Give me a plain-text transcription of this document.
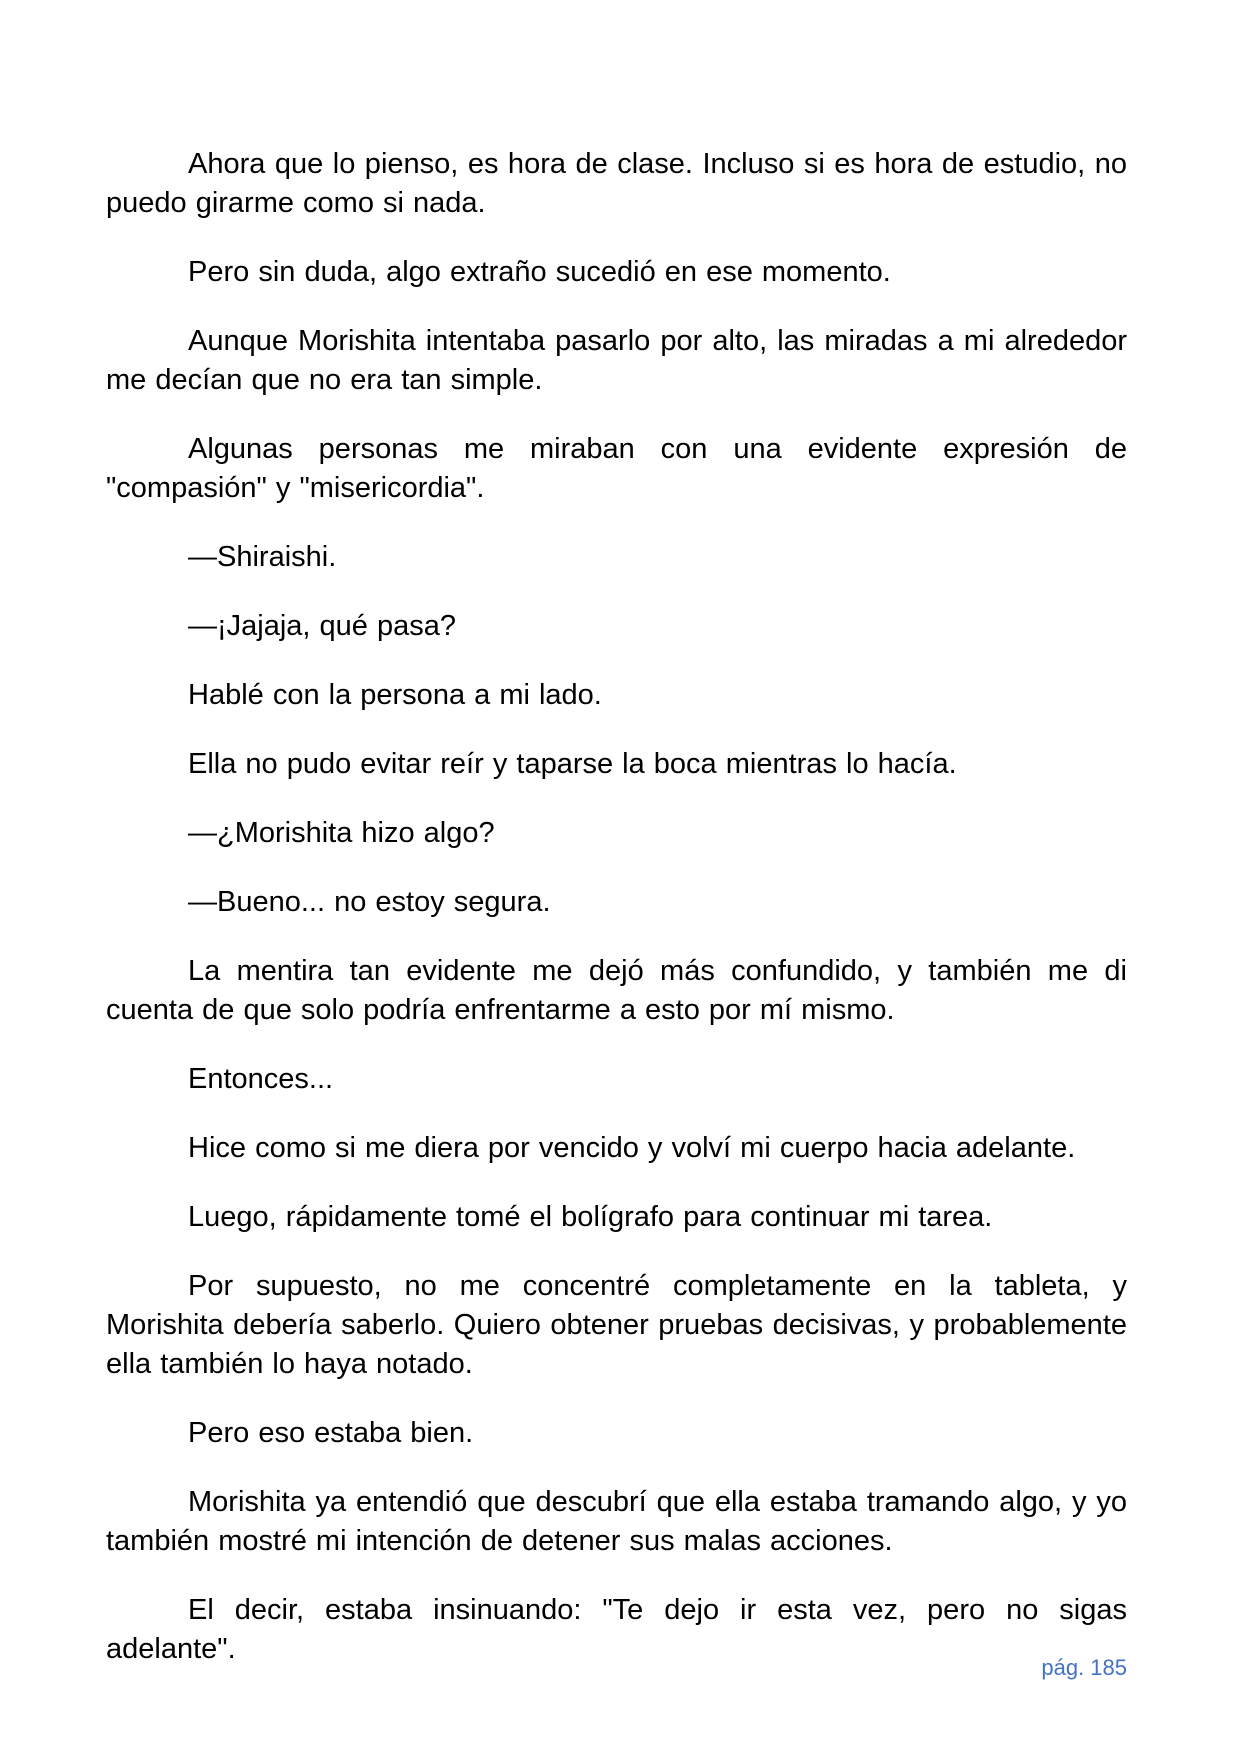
Ahora que lo pienso, es hora de clase. Incluso si es hora de estudio, no puedo girarme como si nada.

Pero sin duda, algo extraño sucedió en ese momento.

Aunque Morishita intentaba pasarlo por alto, las miradas a mi alrededor me decían que no era tan simple.

Algunas personas me miraban con una evidente expresión de "compasión" y "misericordia".

—Shiraishi.

—¡Jajaja, qué pasa?

Hablé con la persona a mi lado.

Ella no pudo evitar reír y taparse la boca mientras lo hacía.

—¿Morishita hizo algo?

—Bueno... no estoy segura.

La mentira tan evidente me dejó más confundido, y también me di cuenta de que solo podría enfrentarme a esto por mí mismo.

Entonces...

Hice como si me diera por vencido y volví mi cuerpo hacia adelante.

Luego, rápidamente tomé el bolígrafo para continuar mi tarea.

Por supuesto, no me concentré completamente en la tableta, y Morishita debería saberlo. Quiero obtener pruebas decisivas, y probablemente ella también lo haya notado.

Pero eso estaba bien.

Morishita ya entendió que descubrí que ella estaba tramando algo, y yo también mostré mi intención de detener sus malas acciones.

El decir, estaba insinuando: "Te dejo ir esta vez, pero no sigas adelante".

pág. 185
